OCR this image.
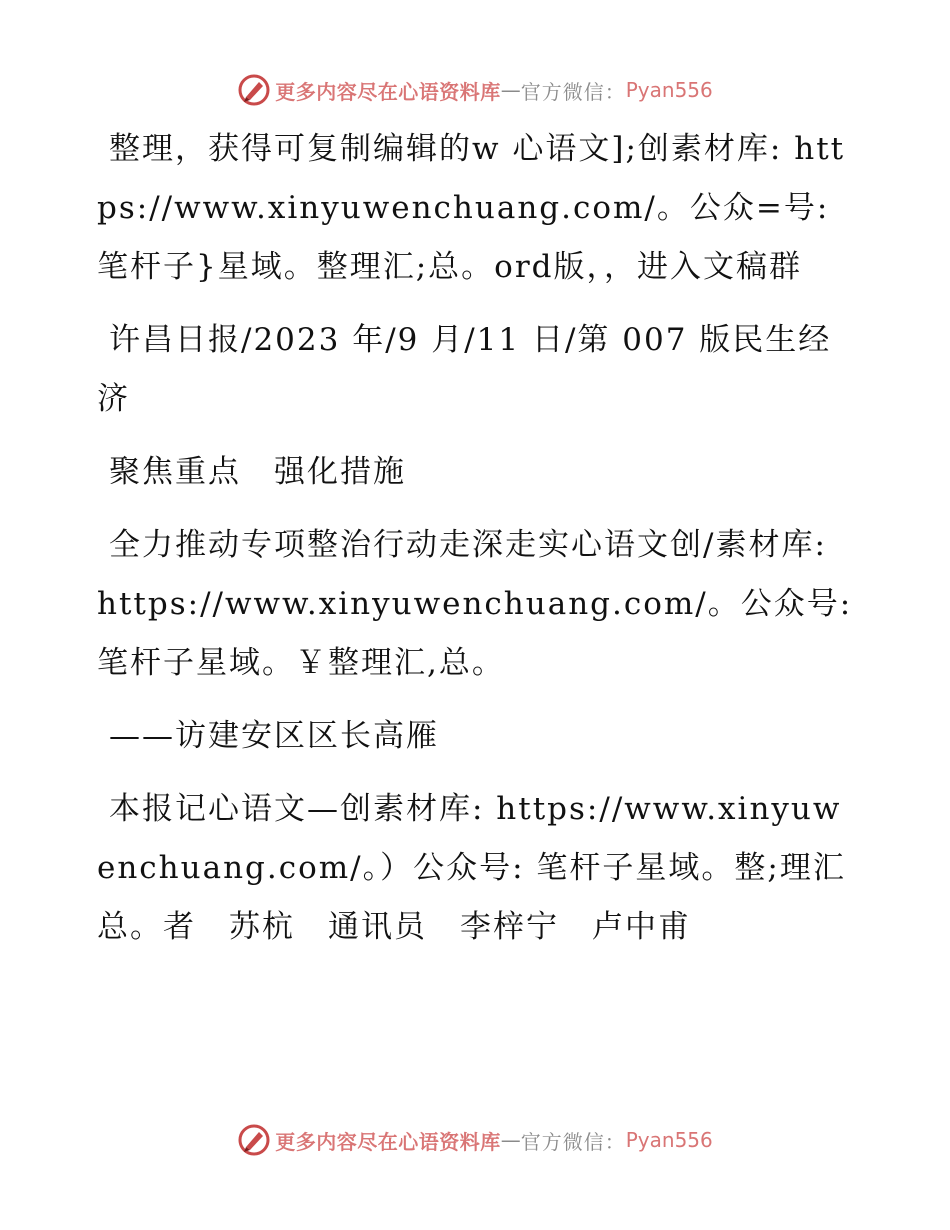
更多内容尽在心语资料库 — 官方微信： Pyan556

整理，获得可复制编辑的w 心语文];创素材库: https://www.xinyuwenchuang.com/。公众=号: 笔杆子}星域。整理汇;总。ord版，，进入文稿群

许昌日报/2023 年/9 月/11 日/第 007 版民生经济

聚焦重点　强化措施

全力推动专项整治行动走深走实心语文创/素材库: https://www.xinyuwenchuang.com/。公众号: 笔杆子星域。￥整理汇,总。

——访建安区区长高雁

本报记心语文—创素材库: https://www.xinyuwenchuang.com/。）公众号: 笔杆子星域。整;理汇总。者　苏杭　通讯员　李梓宁　卢中甫

更多内容尽在心语资料库 — 官方微信： Pyan556
